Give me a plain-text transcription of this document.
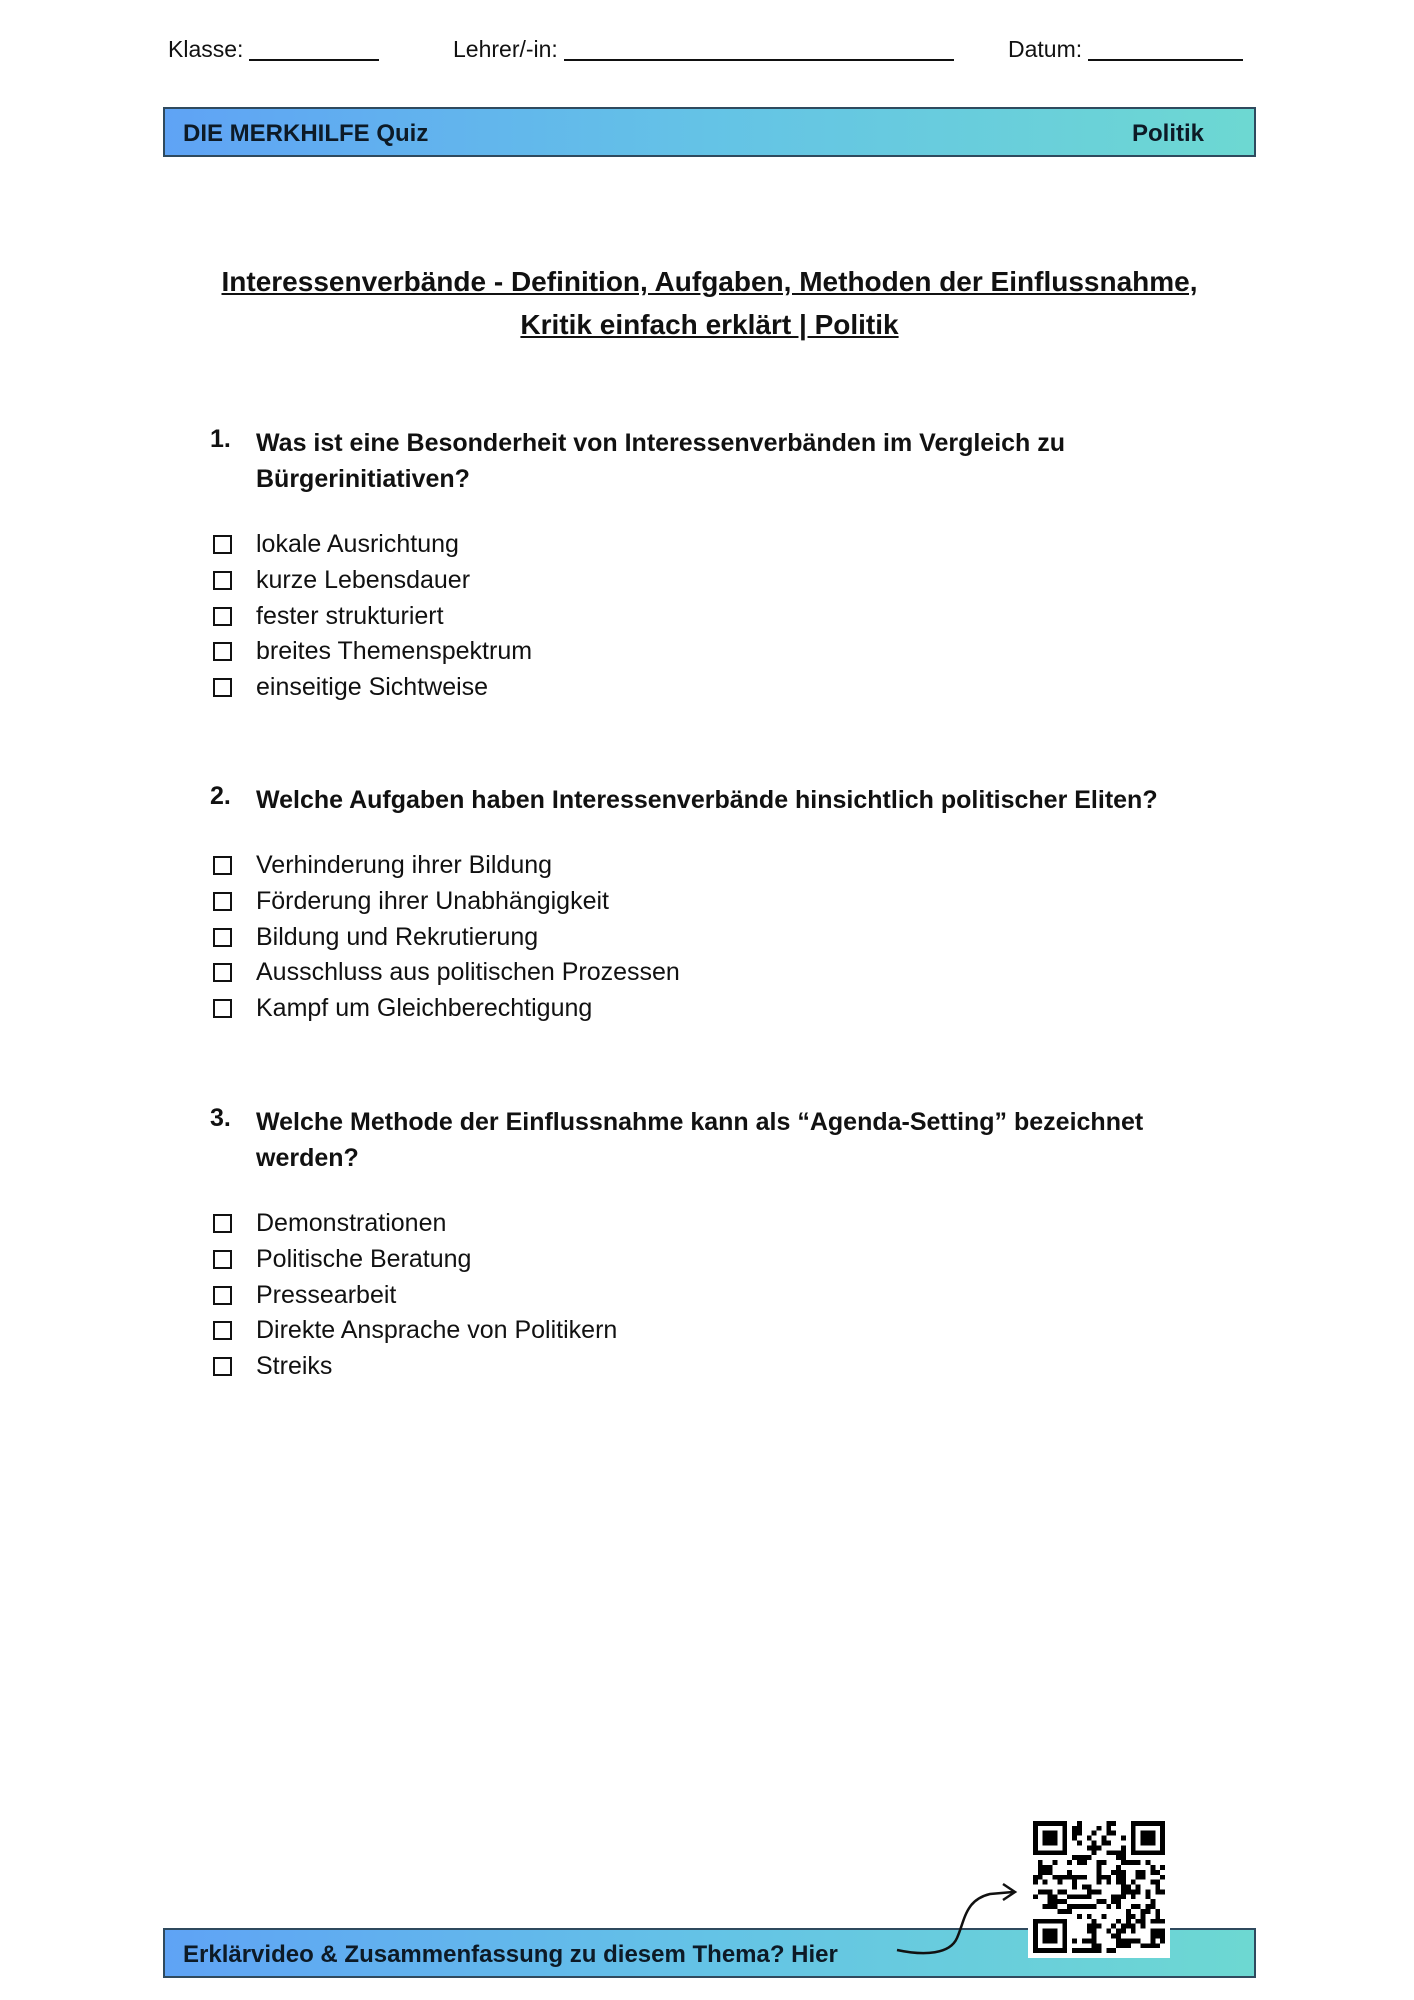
Klasse:	Lehrer/-in:	Datum:
DIE MERKHILFE Quiz	Politik
Interessenverbände - Definition, Aufgaben, Methoden der Einflussnahme,
Kritik einfach erklärt | Politik
1. Was ist eine Besonderheit von Interessenverbänden im Vergleich zu Bürgerinitiativen?
lokale Ausrichtung
kurze Lebensdauer
fester strukturiert
breites Themenspektrum
einseitige Sichtweise
2. Welche Aufgaben haben Interessenverbände hinsichtlich politischer Eliten?
Verhinderung ihrer Bildung
Förderung ihrer Unabhängigkeit
Bildung und Rekrutierung
Ausschluss aus politischen Prozessen
Kampf um Gleichberechtigung
3. Welche Methode der Einflussnahme kann als “Agenda-Setting” bezeichnet werden?
Demonstrationen
Politische Beratung
Pressearbeit
Direkte Ansprache von Politikern
Streiks
Erklärvideo & Zusammenfassung zu diesem Thema? Hier
